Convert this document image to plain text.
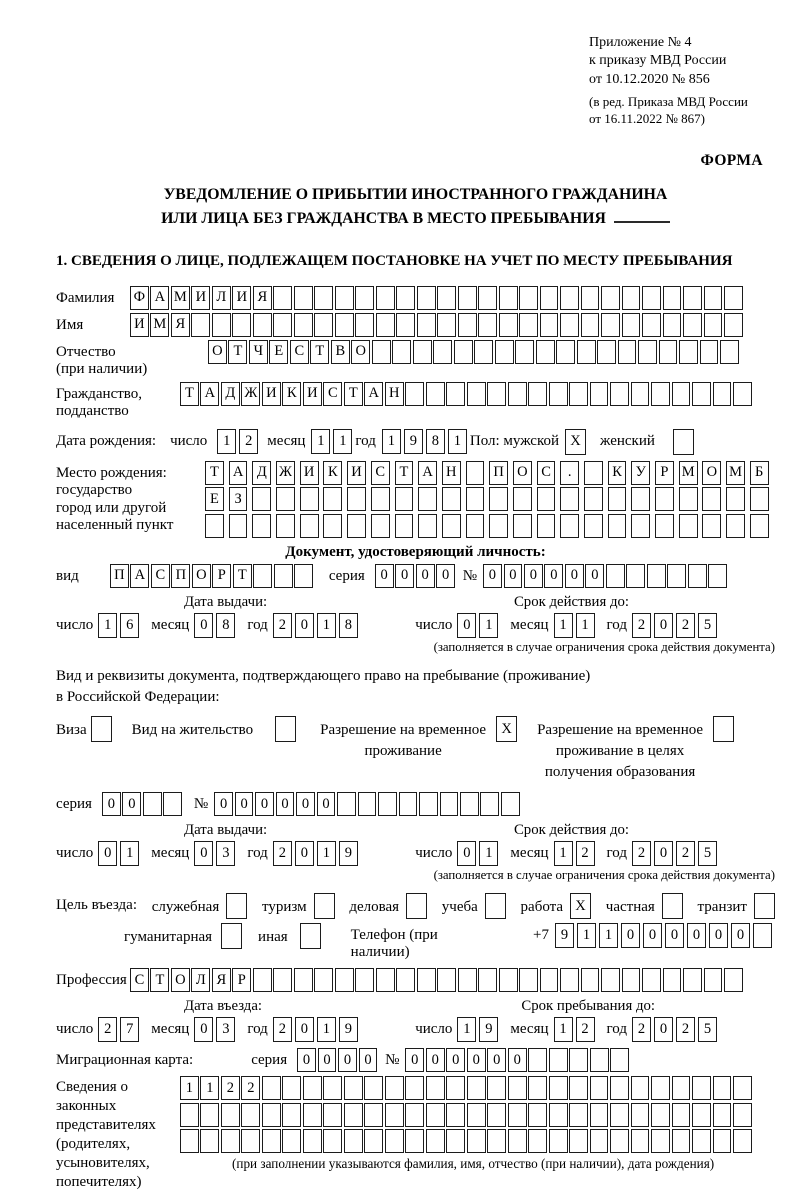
Приложение № 4
к приказу МВД России
от 10.12.2020 № 856
(в ред. Приказа МВД России
от 16.11.2022 № 867)
ФОРМА
УВЕДОМЛЕНИЕ О ПРИБЫТИИ ИНОСТРАННОГО ГРАЖДАНИНА
ИЛИ ЛИЦА БЕЗ ГРАЖДАНСТВА В МЕСТО ПРЕБЫВАНИЯ
1. СВЕДЕНИЯ О ЛИЦЕ, ПОДЛЕЖАЩЕМ ПОСТАНОВКЕ НА УЧЕТ ПО МЕСТУ ПРЕБЫВАНИЯ
Фамилия	Ф А М И Л И Я
Имя	И М Я
Отчество
(при наличии)
О Т Ч Е С Т В О
Гражданство,
подданство
Т А Д Ж И К И С Т А Н
Дата рождения: число	1	2 месяц 1	1 год 1	9	8	1 Пол: мужской X	женский
Место рождения:
государство
город или другой
населенный пункт
Т А Д Ж И К И С Т А Н	П О С	.	К У	Р М О М Б
Е	З
Документ, удостоверяющий личность:
вид	П А С П О Р Т	серия	0 0 0 0 № 0 0 0 0 0 0
Дата выдачи:	Срок действия до:
число 1	6	месяц 0	8	год 2	0	1	8	число 0	1	месяц 1	1	год 2	0	2	5
(заполняется в случае ограничения срока действия документа)
Вид и реквизиты документа, подтверждающего право на пребывание (проживание)
в Российской Федерации:
Виза	Вид на жительство	Разрешение на временное
проживание
X	Разрешение на временное
проживание в целях
получения образования
серия	0 0	№ 0 0 0 0 0 0
Дата выдачи:	Срок действия до:
число 0	1	месяц 0	3	год 2	0	1	9	число 0	1	месяц 1	2	год 2	0	2	5
(заполняется в случае ограничения срока действия документа)
Цель въезда: служебная	туризм	деловая	учеба	работа X	частная	транзит
гуманитарная	иная	Телефон (при наличии)
+7 9	1	1	0	0	0	0	0	0
Профессия С Т О Л Я Р
Дата въезда:	Срок пребывания до:
число 2	7	месяц 0	3	год 2	0	1	9	число 1	9	месяц 1	2	год 2	0	2	5
Миграционная карта:	серия	0 0 0 0 № 0 0 0 0 0 0
Сведения о
законных
представителях
(родителях,
усыновителях,
попечителях)
1 1 2 2
(при заполнении указываются фамилия, имя, отчество (при наличии), дата рождения)
